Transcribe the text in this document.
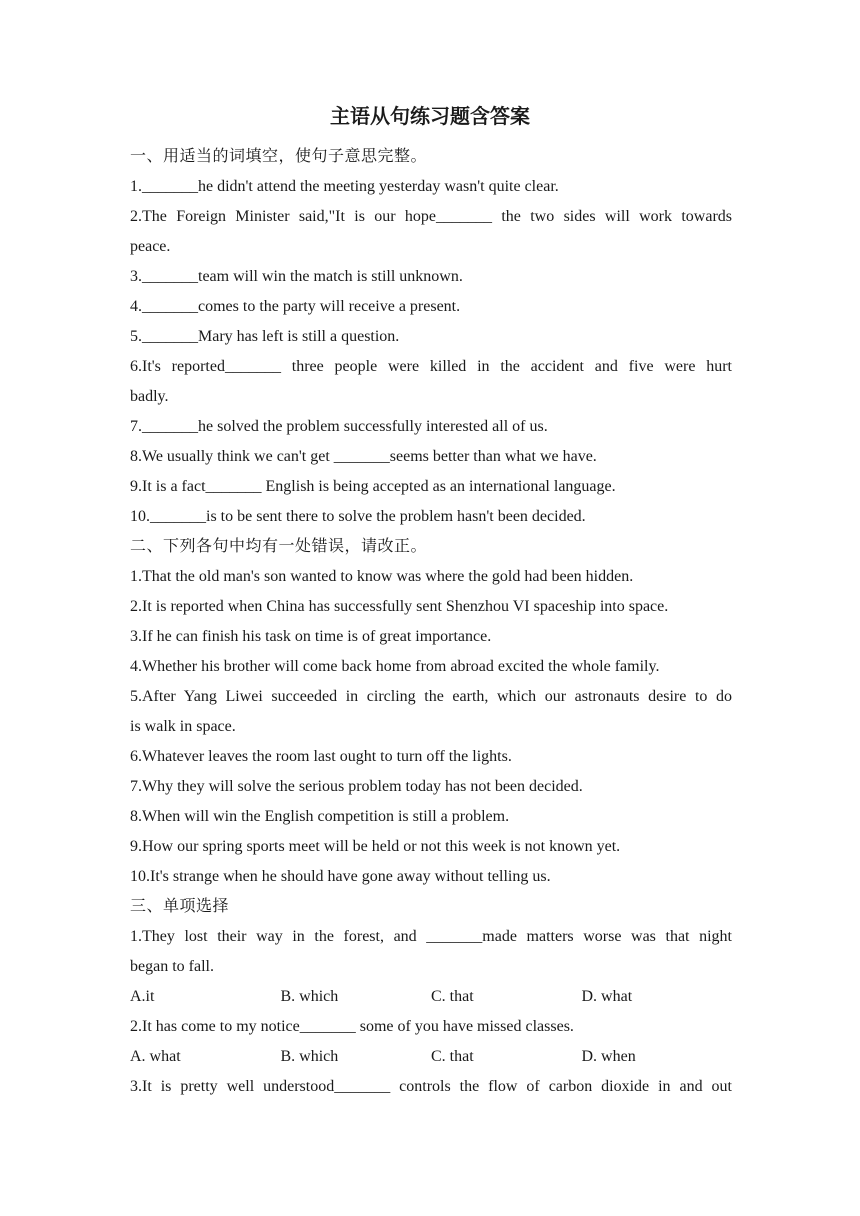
主语从句练习题含答案
一、用适当的词填空，使句子意思完整。
1._______he didn't attend the meeting yesterday wasn't quite clear.
2.The Foreign Minister said,"It is our hope_______ the two sides will work towards
peace.
3._______team will win the match is still unknown.
4._______comes to the party will receive a present.
5._______Mary has left is still a question.
6.It's reported_______ three people were killed in the accident and five were hurt
badly.
7._______he solved the problem successfully interested all of us.
8.We usually think we can't get _______seems better than what we have.
9.It is a fact_______ English is being accepted as an international language.
10._______is to be sent there to solve the problem hasn't been decided.
二、下列各句中均有一处错误，请改正。
1.That the old man's son wanted to know was where the gold had been hidden.
2.It is reported when China has successfully sent Shenzhou VI spaceship into space.
3.If he can finish his task on time is of great importance.
4.Whether his brother will come back home from abroad excited the whole family.
5.After Yang Liwei succeeded in circling the earth, which our astronauts desire to do
is walk in space.
6.Whatever leaves the room last ought to turn off the lights.
7.Why they will solve the serious problem today has not been decided.
8.When will win the English competition is still a problem.
9.How our spring sports meet will be held or not this week is not known yet.
10.It's strange when he should have gone away without telling us.
三、单项选择
1.They lost their way in the forest, and _______made matters worse was that night
began to fall.
A.it	B. which	C. that	D. what
2.It has come to my notice_______ some of you have missed classes.
A. what	B. which	C. that	D. when
3.It is pretty well understood_______ controls the flow of carbon dioxide in and out
